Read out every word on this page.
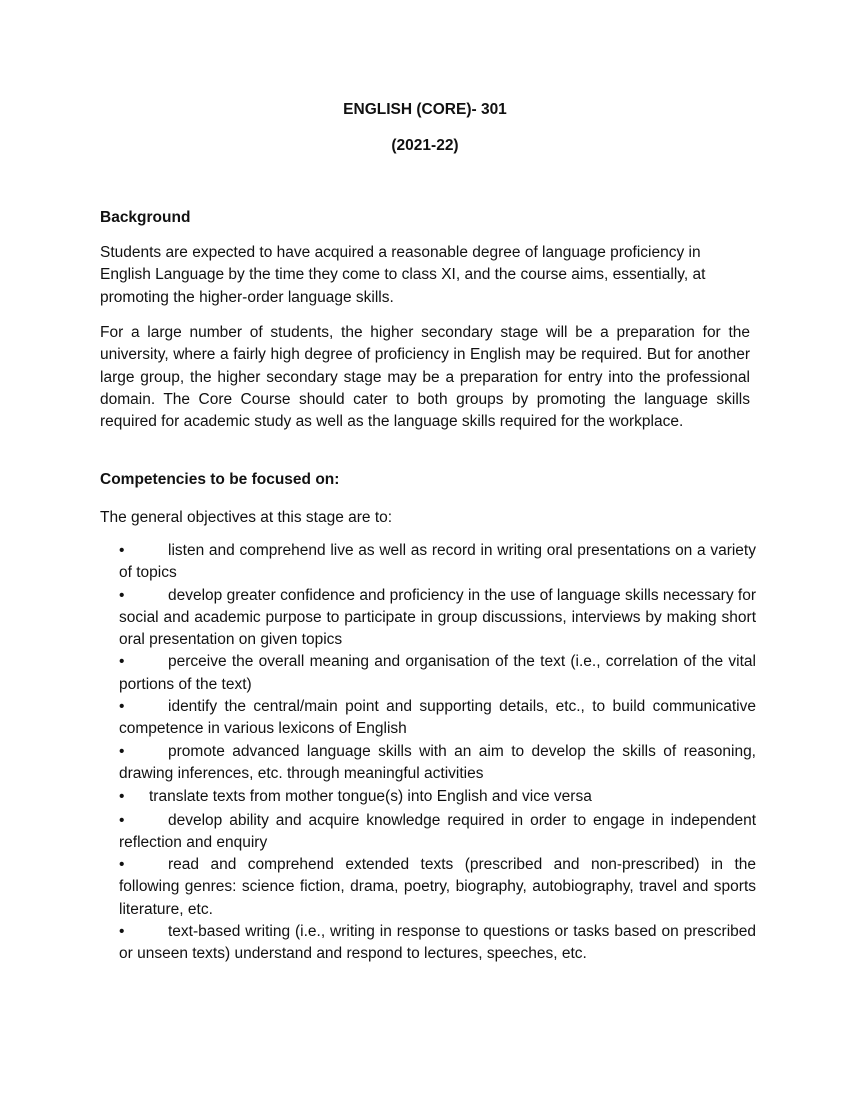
ENGLISH (CORE)- 301

(2021-22)

Background

Students are expected to have acquired a reasonable degree of language proficiency in English Language by the time they come to class XI, and the course aims, essentially, at promoting the higher-order language skills.

For a large number of students, the higher secondary stage will be a preparation for the university, where a fairly high degree of proficiency in English may be required. But for another large group, the higher secondary stage may be a preparation for entry into the professional domain. The Core Course should cater to both groups by promoting the language skills required for academic study as well as the language skills required for the workplace.

Competencies to be focused on:

The general objectives at this stage are to:

•	listen and comprehend live as well as record in writing oral presentations on a variety of topics
•	develop greater confidence and proficiency in the use of language skills necessary for social and academic purpose to participate in group discussions, interviews by making short oral presentation on given topics
•	perceive the overall meaning and organisation of the text (i.e., correlation of the vital portions of the text)
•	identify the central/main point and supporting details, etc., to build communicative competence in various lexicons of English
•	promote advanced language skills with an aim to develop the skills of reasoning, drawing inferences, etc. through meaningful activities
• translate texts from mother tongue(s) into English and vice versa
•	develop ability and acquire knowledge required in order to engage in independent reflection and enquiry
•	read and comprehend extended texts (prescribed and non-prescribed) in the following genres: science fiction, drama, poetry, biography, autobiography, travel and sports literature, etc.
•	text-based writing (i.e., writing in response to questions or tasks based on prescribed or unseen texts) understand and respond to lectures, speeches, etc.
